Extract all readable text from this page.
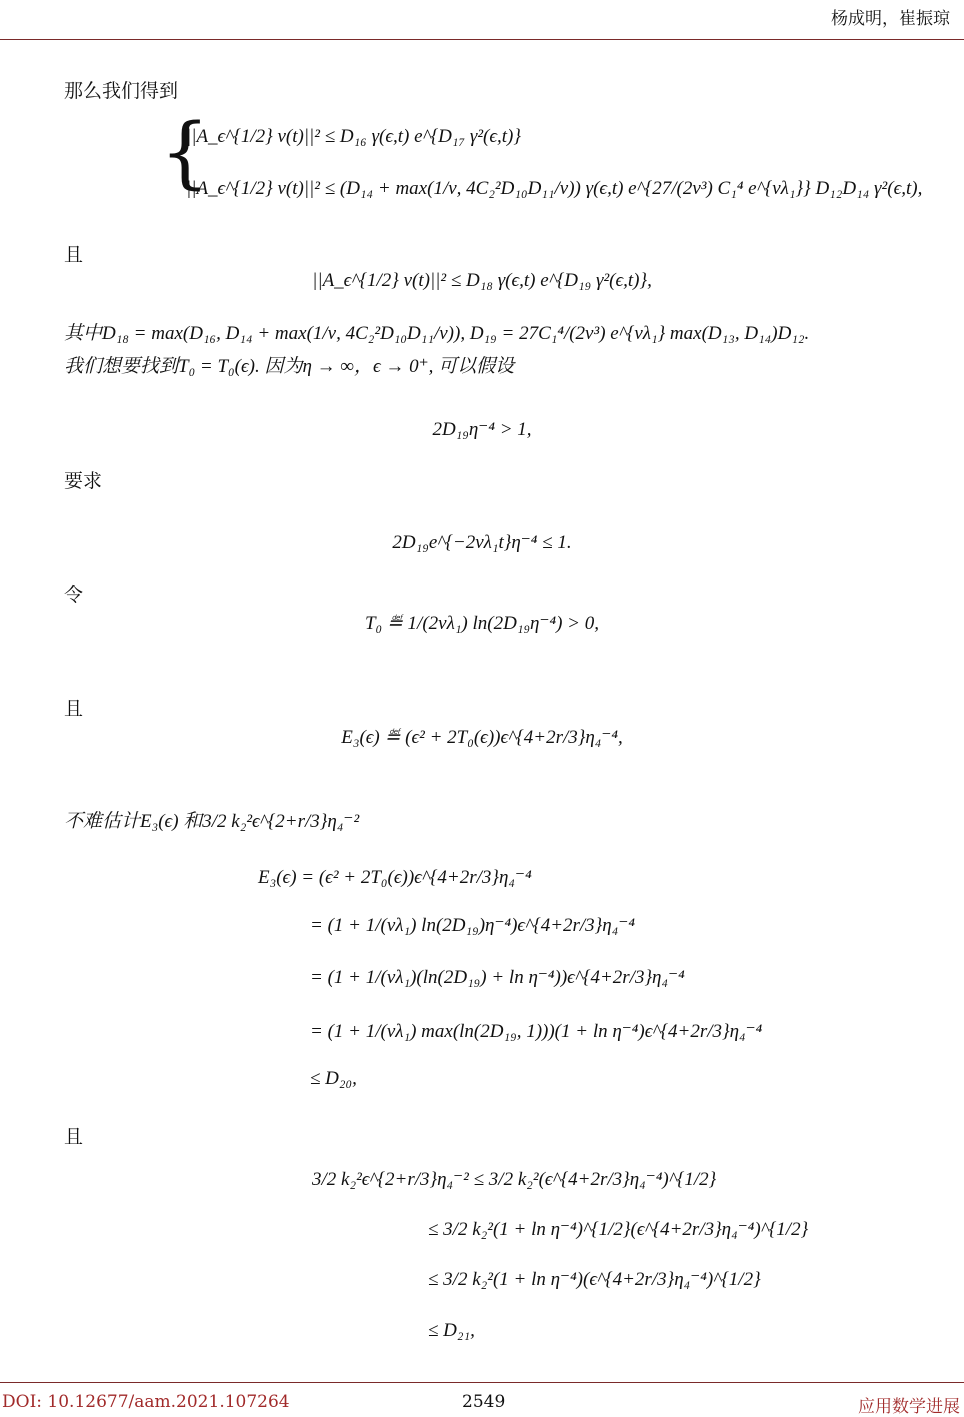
杨成明，崔振琼
那么我们得到
{
||A_ϵ^{1/2} v(t)||² ≤ D₁₆ γ(ϵ,t) e^{D₁₇ γ²(ϵ,t)}
||A_ϵ^{1/2} v(t)||² ≤ (D₁₄ + max(1/ν, 4C₂²D₁₀D₁₁/ν)) γ(ϵ,t) e^{27/(2ν³) C₁⁴ e^{νλ₁}} D₁₂D₁₄ γ²(ϵ,t),
且
||A_ϵ^{1/2} v(t)||² ≤ D₁₈ γ(ϵ,t) e^{D₁₉ γ²(ϵ,t)},
其中D₁₈ = max(D₁₆, D₁₄ + max(1/ν, 4C₂²D₁₀D₁₁/ν)), D₁₉ = 27C₁⁴/(2ν³) e^{νλ₁} max(D₁₃, D₁₄)D₁₂.
我们想要找到T₀ = T₀(ϵ). 因为η → ∞，ϵ → 0⁺, 可以假设
2D₁₉η⁻⁴ > 1,
要求
2D₁₉e^{−2νλ₁t}η⁻⁴ ≤ 1.
令
T₀ ≝ 1/(2νλ₁) ln(2D₁₉η⁻⁴) > 0,
且
E₃(ϵ) ≝ (ϵ² + 2T₀(ϵ))ϵ^{4+2r/3}η₄⁻⁴,
不难估计E₃(ϵ) 和3/2 k₂²ϵ^{2+r/3}η₄⁻²
E₃(ϵ) = (ϵ² + 2T₀(ϵ))ϵ^{4+2r/3}η₄⁻⁴
= (1 + 1/(νλ₁) ln(2D₁₉)η⁻⁴)ϵ^{4+2r/3}η₄⁻⁴
= (1 + 1/(νλ₁)(ln(2D₁₉) + ln η⁻⁴))ϵ^{4+2r/3}η₄⁻⁴
= (1 + 1/(νλ₁) max(ln(2D₁₉, 1)))(1 + ln η⁻⁴)ϵ^{4+2r/3}η₄⁻⁴
≤ D₂₀,
且
3/2 k₂²ϵ^{2+r/3}η₄⁻² ≤ 3/2 k₂²(ϵ^{4+2r/3}η₄⁻⁴)^{1/2}
≤ 3/2 k₂²(1 + ln η⁻⁴)^{1/2}(ϵ^{4+2r/3}η₄⁻⁴)^{1/2}
≤ 3/2 k₂²(1 + ln η⁻⁴)(ϵ^{4+2r/3}η₄⁻⁴)^{1/2}
≤ D₂₁,
DOI: 10.12677/aam.2021.107264	2549	应用数学进展
